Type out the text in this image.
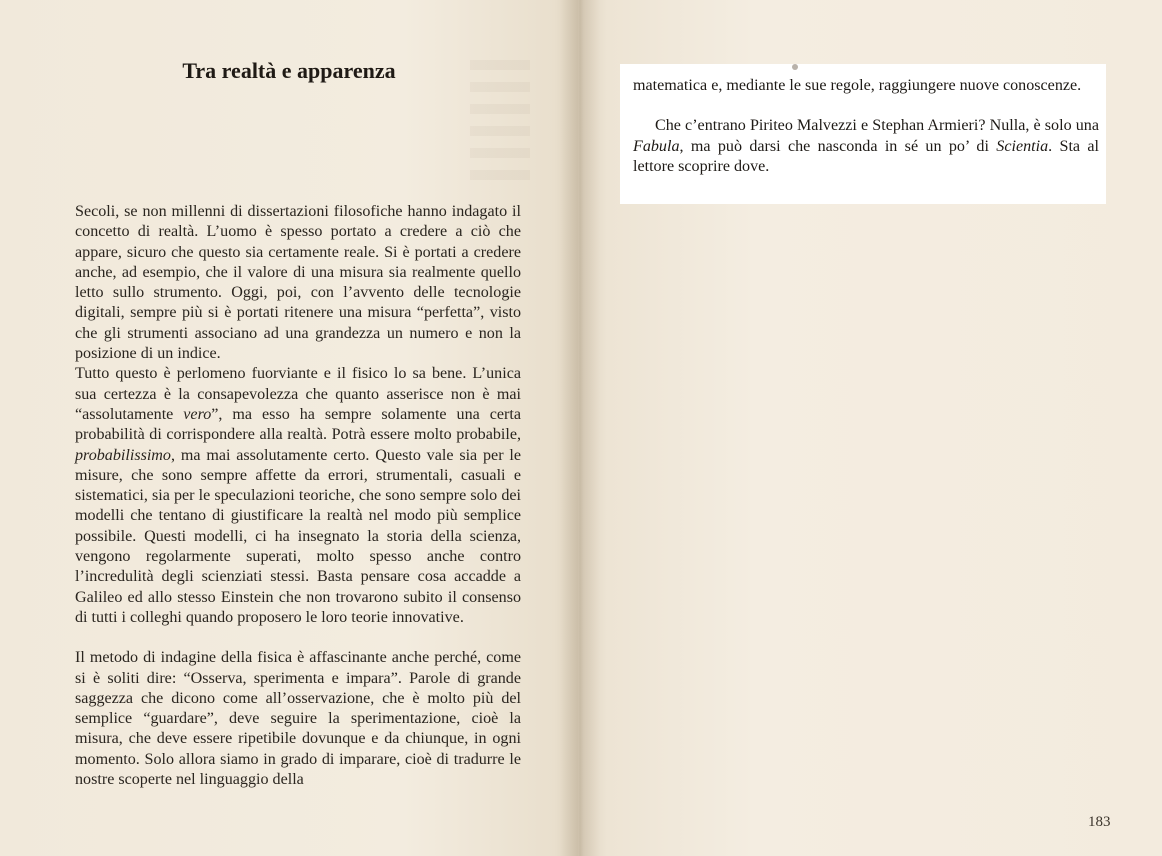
Tra realtà e apparenza

Secoli, se non millenni di dissertazioni filosofiche hanno indagato il concetto di realtà. L’uomo è spesso portato a credere a ciò che appare, sicuro che questo sia certamente reale. Si è portati a credere anche, ad esempio, che il valore di una misura sia realmente quello letto sullo strumento. Oggi, poi, con l’avvento delle tecnologie digitali, sempre più si è portati ritenere una misura “perfetta”, visto che gli strumenti associano ad una grandezza un numero e non la posizione di un indice.

Tutto questo è perlomeno fuorviante e il fisico lo sa bene. L’unica sua certezza è la consapevolezza che quanto asserisce non è mai “assolutamente vero”, ma esso ha sempre solamente una certa probabilità di corrispondere alla realtà. Potrà essere molto probabile, probabilissimo, ma mai assolutamente certo. Questo vale sia per le misure, che sono sempre affette da errori, strumentali, casuali e sistematici, sia per le speculazioni teoriche, che sono sempre solo dei modelli che tentano di giustificare la realtà nel modo più semplice possibile. Questi modelli, ci ha insegnato la storia della scienza, vengono regolarmente superati, molto spesso anche contro l’incredulità degli scienziati stessi. Basta pensare cosa accadde a Galileo ed allo stesso Einstein che non trovarono subito il consenso di tutti i colleghi quando proposero le loro teorie innovative.

Il metodo di indagine della fisica è affascinante anche perché, come si è soliti dire: “Osserva, sperimenta e impara”. Parole di grande saggezza che dicono come all’osservazione, che è molto più del semplice “guardare”, deve seguire la sperimentazione, cioè la misura, che deve essere ripetibile dovunque e da chiunque, in ogni momento. Solo allora siamo in grado di imparare, cioè di tradurre le nostre scoperte nel linguaggio della

matematica e, mediante le sue regole, raggiungere nuove conoscenze.

Che c’entrano Piriteo Malvezzi e Stephan Armieri? Nulla, è solo una Fabula, ma può darsi che nasconda in sé un po’ di Scientia. Sta al lettore scoprire dove.

183
